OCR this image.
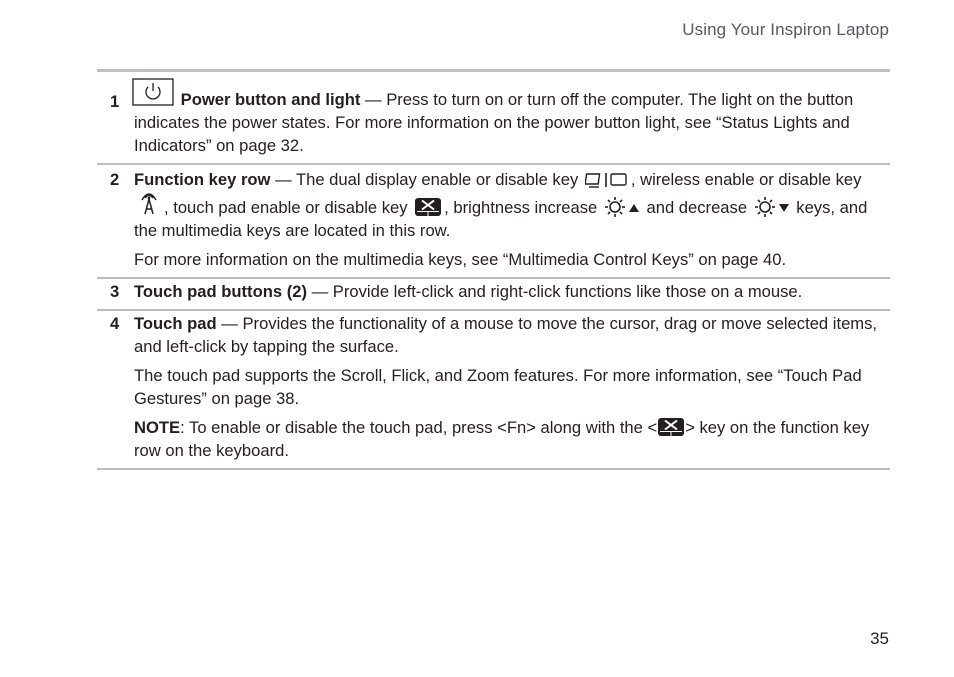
Using Your Inspiron Laptop
1	Power button and light — Press to turn on or turn off the computer. The light on the button indicates the power states. For more information on the power button light, see “Status Lights and Indicators” on page 32.

2 Function key row — The dual display enable or disable key	, wireless enable or disable key
, touch pad enable or disable key
, brightness increase
and decrease
keys, and the multimedia keys are located in this row.

For more information on the multimedia keys, see “Multimedia Control Keys” on page 40.

3 Touch pad buttons (2) — Provide left-click and right-click functions like those on a mouse.

4 Touch pad — Provides the functionality of a mouse to move the cursor, drag or move selected items, and left-click by tapping the surface.

The touch pad supports the Scroll, Flick, and Zoom features. For more information, see “Touch Pad Gestures” on page 38.

NOTE: To enable or disable the touch pad, press <Fn> along with the < > key on the function key row on the keyboard.

35
